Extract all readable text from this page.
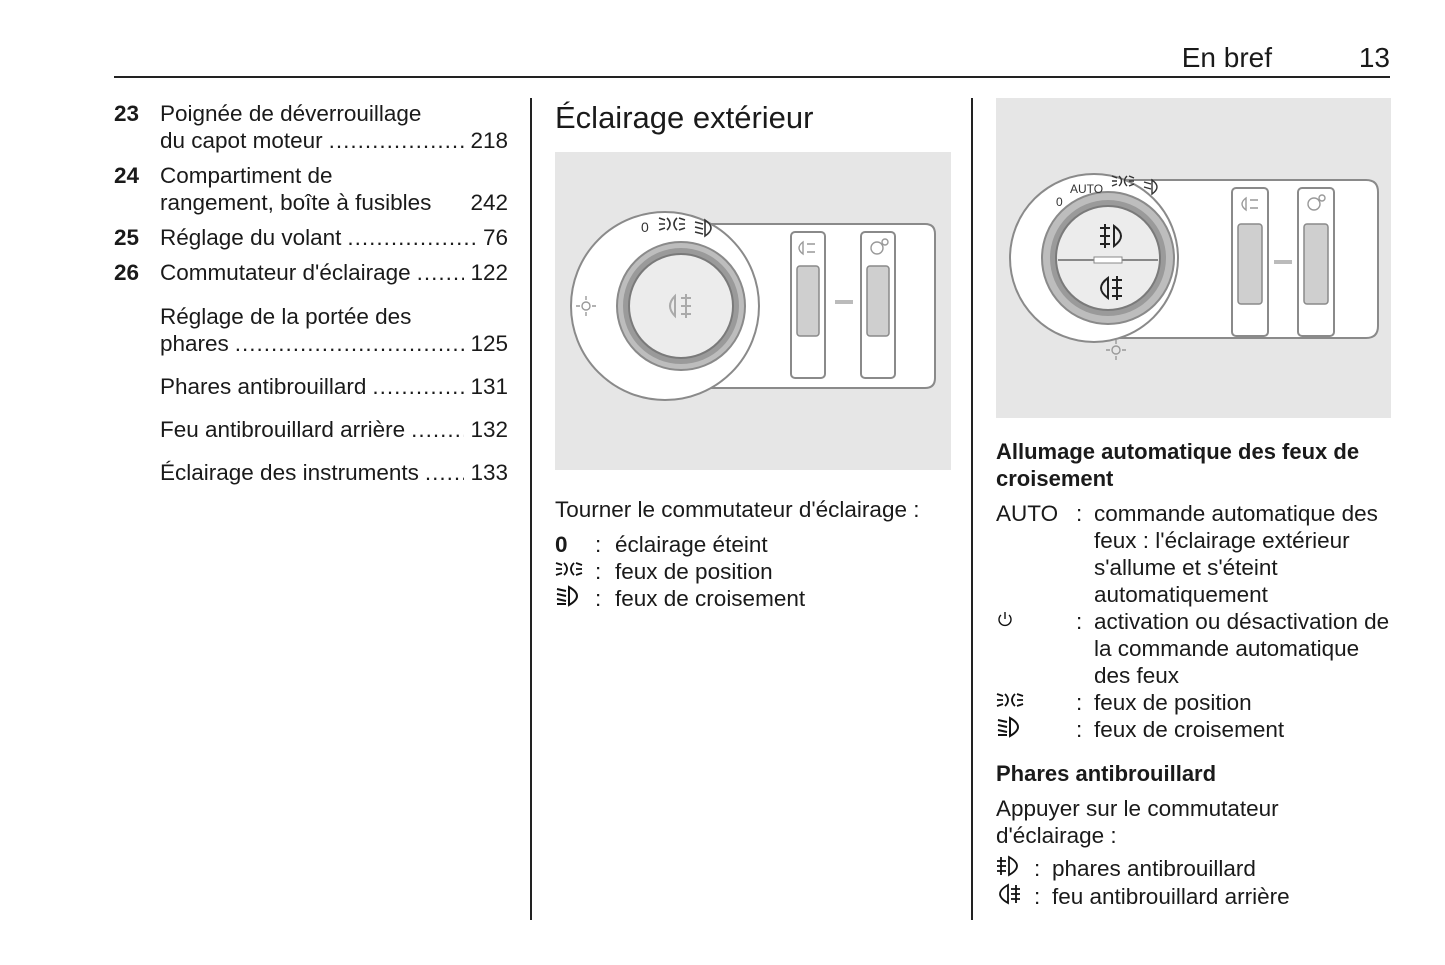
En bref	13
23 Poignée de déverrouillage
du capot moteur .....	218
24 Compartiment de
rangement, boîte à fusibles 242
25 Réglage du volant .....	76
26 Commutateur d'éclairage .....	122
Réglage de la portée des
phares .....	125
Phares antibrouillard .....	131
Feu antibrouillard arrière .....	132
Éclairage des instruments ..... 133
Éclairage extérieur
0
Tourner le commutateur d'éclairage :
0	: éclairage éteint
: feux de position
: feux de croisement
0
AUTO
Allumage automatique des feux de croisement
AUTO : commande automatique des feux : l'éclairage extérieur s'allume et s'éteint automatiquement
: activation ou désactivation de la commande automatique des feux
: feux de position
: feux de croisement
Phares antibrouillard
Appuyer sur le commutateur d'éclairage :
: phares antibrouillard
: feu antibrouillard arrière
